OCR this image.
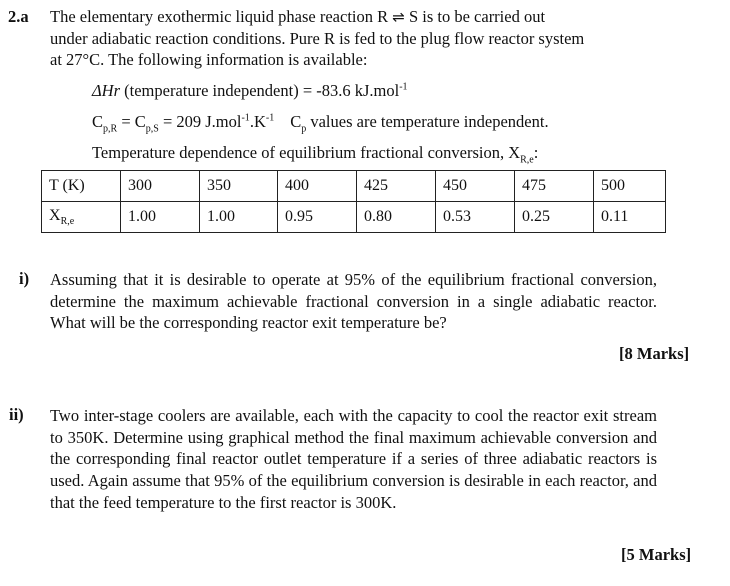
2.a The elementary exothermic liquid phase reaction R ⇌ S is to be carried out
under adiabatic reaction conditions. Pure R is fed to the plug flow reactor system
at 27°C. The following information is available:
ΔHr (temperature independent) = -83.6 kJ.mol$^{-1}$
$C_{p,R} = C_{p,S} = 209$ $J.mol^{-1}.K^{-1}$ $C_p$ values are temperature independent.
Temperature dependence of equilibrium fractional conversion, $X_{R,e}$:
T (K)	300	350	400	425	450	475	500
$X_{R,e}$	1.00	1.00	0.95	0.80	0.53	0.25	0.11
i) Assuming that it is desirable to operate at 95% of the equilibrium fractional conversion, determine the maximum achievable fractional conversion in a single adiabatic reactor. What will be the corresponding reactor exit temperature be?
[8 Marks]
ii) Two inter-stage coolers are available, each with the capacity to cool the reactor exit stream to 350K. Determine using graphical method the final maximum achievable conversion and the corresponding final reactor outlet temperature if a series of three adiabatic reactors is used. Again assume that 95% of the equilibrium conversion is desirable in each reactor, and that the feed temperature to the first reactor is 300K.
[5 Marks]
